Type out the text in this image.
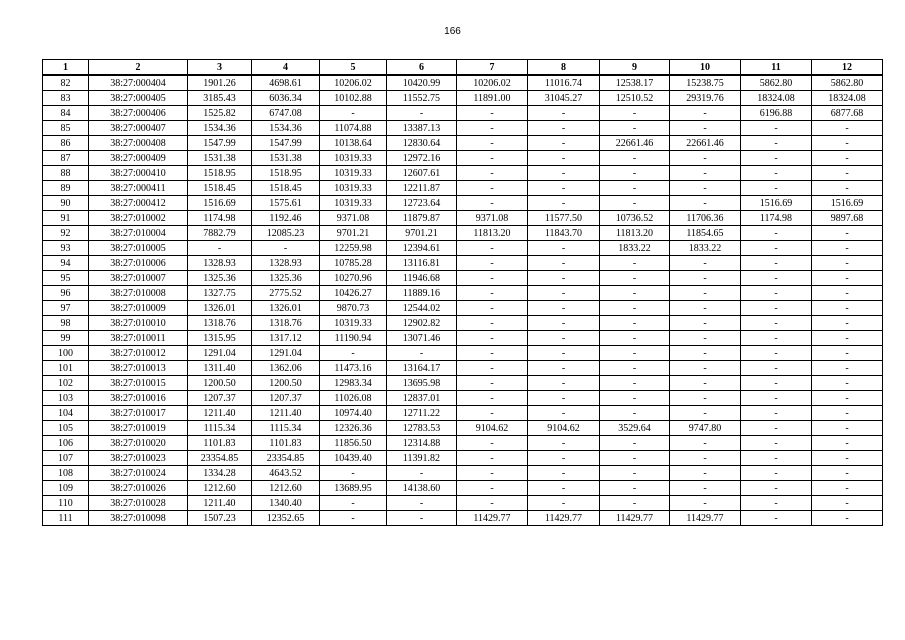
166
1	2	3	4	5	6	7	8	9	10	11	12
82	38:27:000404	1901.26	4698.61	10206.02	10420.99	10206.02	11016.74	12538.17	15238.75	5862.80	5862.80
83	38:27:000405	3185.43	6036.34	10102.88	11552.75	11891.00	31045.27	12510.52	29319.76	18324.08	18324.08
84	38:27:000406	1525.82	6747.08	-	-	-	-	-	-	6196.88	6877.68
85	38:27:000407	1534.36	1534.36	11074.88	13387.13	-	-	-	-	-	-
86	38:27:000408	1547.99	1547.99	10138.64	12830.64	-	-	22661.46	22661.46	-	-
87	38:27:000409	1531.38	1531.38	10319.33	12972.16	-	-	-	-	-	-
88	38:27:000410	1518.95	1518.95	10319.33	12607.61	-	-	-	-	-	-
89	38:27:000411	1518.45	1518.45	10319.33	12211.87	-	-	-	-	-	-
90	38:27:000412	1516.69	1575.61	10319.33	12723.64	-	-	-	-	1516.69	1516.69
91	38:27:010002	1174.98	1192.46	9371.08	11879.87	9371.08	11577.50	10736.52	11706.36	1174.98	9897.68
92	38:27:010004	7882.79	12085.23	9701.21	9701.21	11813.20	11843.70	11813.20	11854.65	-	-
93	38:27:010005	-	-	12259.98	12394.61	-	-	1833.22	1833.22	-	-
94	38:27:010006	1328.93	1328.93	10785.28	13116.81	-	-	-	-	-	-
95	38:27:010007	1325.36	1325.36	10270.96	11946.68	-	-	-	-	-	-
96	38:27:010008	1327.75	2775.52	10426.27	11889.16	-	-	-	-	-	-
97	38:27:010009	1326.01	1326.01	9870.73	12544.02	-	-	-	-	-	-
98	38:27:010010	1318.76	1318.76	10319.33	12902.82	-	-	-	-	-	-
99	38:27:010011	1315.95	1317.12	11190.94	13071.46	-	-	-	-	-	-
100	38:27:010012	1291.04	1291.04	-	-	-	-	-	-	-	-
101	38:27:010013	1311.40	1362.06	11473.16	13164.17	-	-	-	-	-	-
102	38:27:010015	1200.50	1200.50	12983.34	13695.98	-	-	-	-	-	-
103	38:27:010016	1207.37	1207.37	11026.08	12837.01	-	-	-	-	-	-
104	38:27:010017	1211.40	1211.40	10974.40	12711.22	-	-	-	-	-	-
105	38:27:010019	1115.34	1115.34	12326.36	12783.53	9104.62	9104.62	3529.64	9747.80	-	-
106	38:27:010020	1101.83	1101.83	11856.50	12314.88	-	-	-	-	-	-
107	38:27:010023	23354.85	23354.85	10439.40	11391.82	-	-	-	-	-	-
108	38:27:010024	1334.28	4643.52	-	-	-	-	-	-	-	-
109	38:27:010026	1212.60	1212.60	13689.95	14138.60	-	-	-	-	-	-
110	38:27:010028	1211.40	1340.40	-	-	-	-	-	-	-	-
111	38:27:010098	1507.23	12352.65	-	-	11429.77	11429.77	11429.77	11429.77	-	-
